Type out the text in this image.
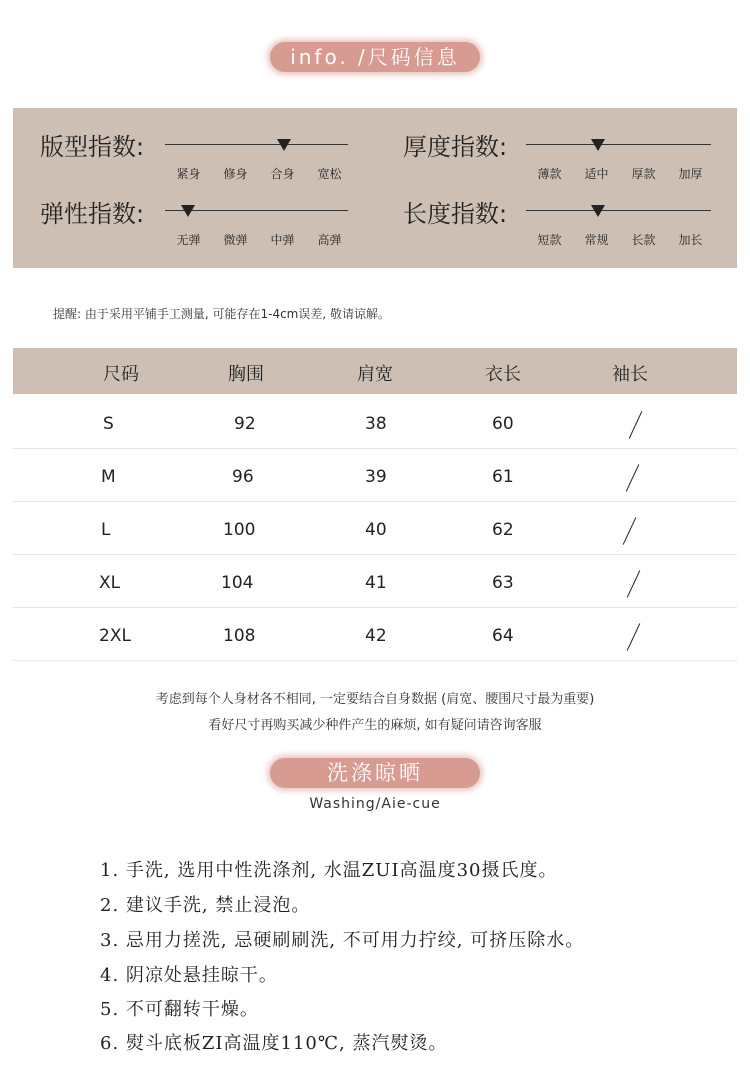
info. /尺码信息
版型指数:
紧身	修身	合身	宽松
厚度指数:
薄款	适中	厚款	加厚
弹性指数:
无弹	微弹	中弹	高弹
长度指数:
短款	常规	长款	加长
提醒: 由于采用平铺手工测量, 可能存在1-4cm误差, 敬请谅解。
尺码	胸围	肩宽	衣长	袖长
S	92	38	60
M	96	39	61
L	100	40	62
XL	104	41	63
2XL	108	42	64
考虑到每个人身材各不相同, 一定要结合自身数据 (肩宽、腰围尺寸最为重要)
看好尺寸再购买减少种件产生的麻烦, 如有疑问请咨询客服
洗涤晾晒
Washing/Aie-cue
1. 手洗, 选用中性洗涤剂, 水温ZUI高温度30摄氏度。
2. 建议手洗, 禁止浸泡。
3. 忌用力搓洗, 忌硬刷刷洗, 不可用力拧绞, 可挤压除水。
4. 阴凉处悬挂晾干。
5. 不可翻转干燥。
6. 熨斗底板ZI高温度110℃, 蒸汽熨烫。
